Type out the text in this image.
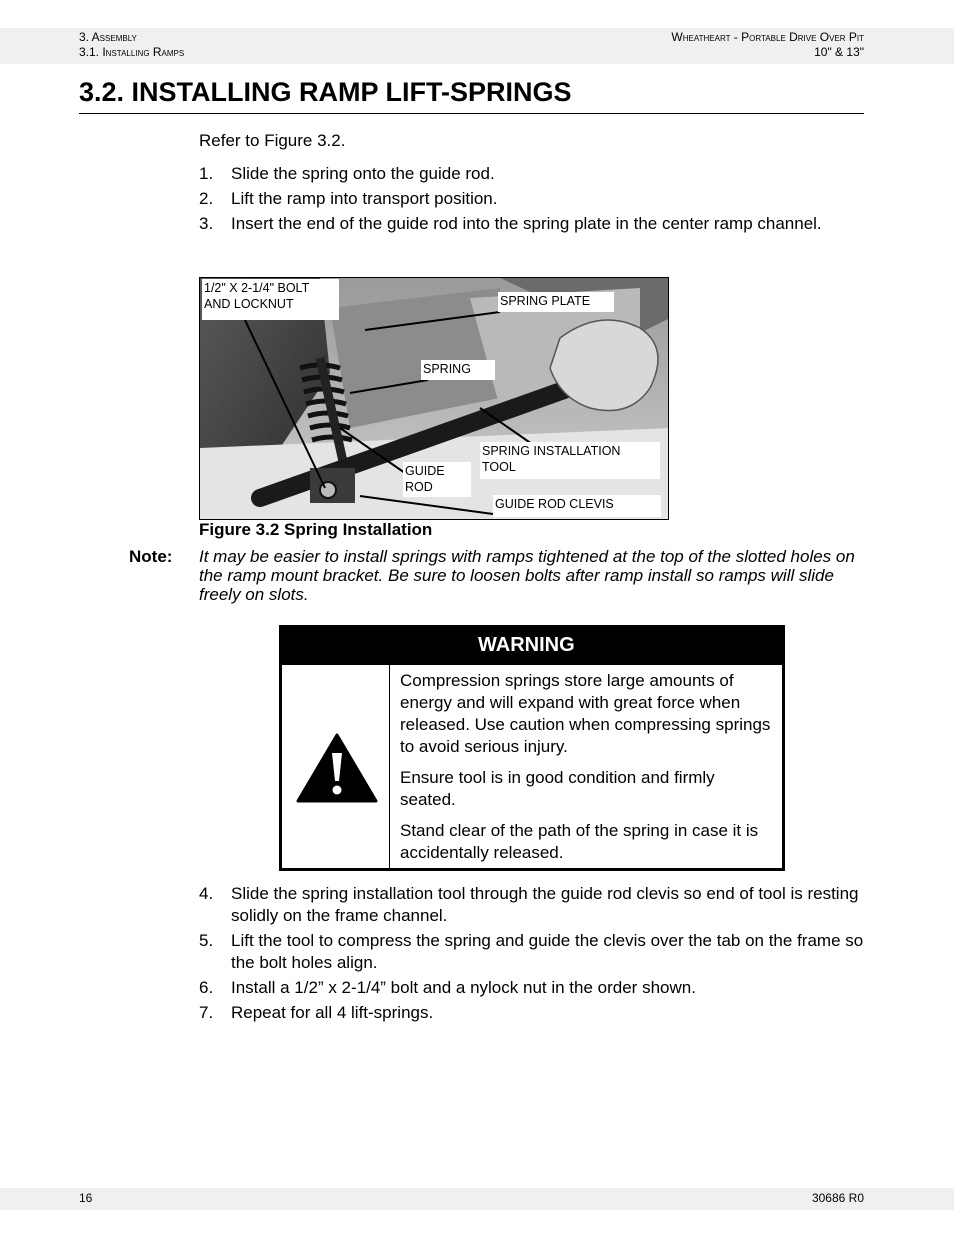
3. Assembly
3.1. Installing Ramps
Wheatheart - Portable Drive Over Pit
10" & 13"
3.2. INSTALLING RAMP LIFT-SPRINGS
Refer to Figure 3.2.
1. Slide the spring onto the guide rod.
2. Lift the ramp into transport position.
3. Insert the end of the guide rod into the spring plate in the center ramp channel.
1/2" X 2-1/4" BOLT
AND LOCKNUT	SPRING PLATE
SPRING
SPRING INSTALLATION
TOOL
GUIDE
ROD
GUIDE ROD CLEVIS
Figure 3.2 Spring Installation
Note: It may be easier to install springs with ramps tightened at the top of the slotted holes on the ramp mount bracket. Be sure to loosen bolts after ramp install so ramps will slide freely on slots.
WARNING

Compression springs store large amounts of energy and will expand with great force when released. Use caution when compressing springs to avoid serious injury.

Ensure tool is in good condition and firmly seated.

Stand clear of the path of the spring in case it is accidentally released.

4. Slide the spring installation tool through the guide rod clevis so end of tool is resting solidly on the frame channel.
5. Lift the tool to compress the spring and guide the clevis over the tab on the frame so the bolt holes align.
6. Install a 1/2” x 2-1/4” bolt and a nylock nut in the order shown.
7. Repeat for all 4 lift-springs.
16	30686 R0
